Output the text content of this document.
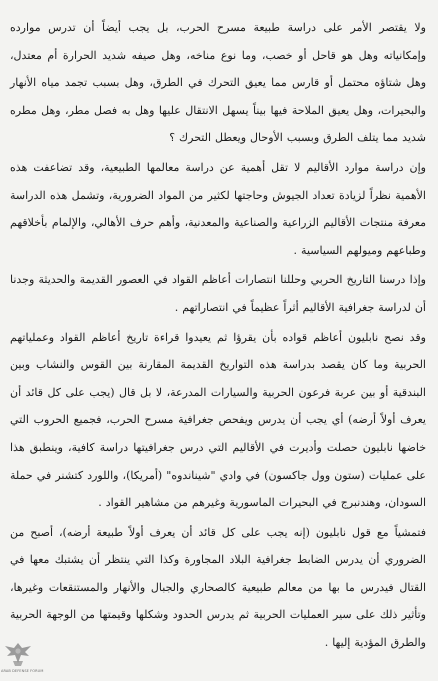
ولا يقتصر الأمر على دراسة طبيعة مسرح الحرب، بل يجب أيضاً أن تدرس موارده وإمكانياته وهل هو قاحل أو خصب، وما نوع مناخه، وهل صيفه شديد الحرارة أم معتدل، وهل شتاؤه محتمل أو قارس مما يعيق التحرك في الطرق، وهل بسبب تجمد مياه الأنهار والبحيرات، وهل يعيق الملاحة فيها بيناً يسهل الانتقال عليها وهل به فصل مطر، وهل مطره شديد مما يتلف الطرق وبسبب الأوحال ويعطل التحرك ؟

وإن دراسة موارد الأقاليم لا تقل أهمية عن دراسة معالمها الطبيعية، وقد تضاعفت هذه الأهمية نظراً لزيادة تعداد الجيوش وحاجتها لكثير من المواد الضرورية، وتشمل هذه الدراسة معرفة منتجات الأقاليم الزراعية والصناعية والمعدنية، وأهم حرف الأهالي، والإلمام بأخلاقهم وطباعهم وميولهم السياسية .

وإذا درسنا التاريخ الحربي وحللنا انتصارات أعاظم القواد في العصور القديمة والحديثة وجدنا أن لدراسة جغرافية الأقاليم أثراً عظيماً في انتصاراتهم .

وقد نصح نابليون أعاظم قواده بأن يقرؤا ثم يعيدوا قراءة تاريخ أعاظم القواد وعملياتهم الحربية وما كان يقصد بدراسة هذه التواريخ القديمة المقارنة بين القوس والنشاب وبين البندقية أو بين عربة فرعون الحربية والسيارات المدرعة، لا بل قال (يجب على كل قائد أن يعرف أولاً أرضه) أي يجب أن يدرس ويفحص جغرافية مسرح الحرب، فجميع الحروب التي خاضها نابليون حصلت وأديرت في الأقاليم التي درس جغرافيتها دراسة كافية، وينطبق هذا على عمليات (ستون وول جاكسون) في وادي "شيناندوه" (أمريكا)، واللورد كتشنر في حملة السودان، وهندنبرج في البحيرات الماسورية وغيرهم من مشاهير القواد .

فتمشياً مع قول نابليون (إنه يجب على كل قائد أن يعرف أولاً طبيعة أرضه)، أصبح من الضروري أن يدرس الضابط جغرافية البلاد المجاورة وكذا التي ينتظر أن يشتبك معها في القتال فيدرس ما بها من معالم طبيعية كالصحاري والجبال والأنهار والمستنقعات وغيرها، وتأثير ذلك على سير العمليات الحربية ثم يدرس الحدود وشكلها وقيمتها من الوجهة الحربية والطرق المؤدية إليها .

ARAB DEFENSE FORUM
